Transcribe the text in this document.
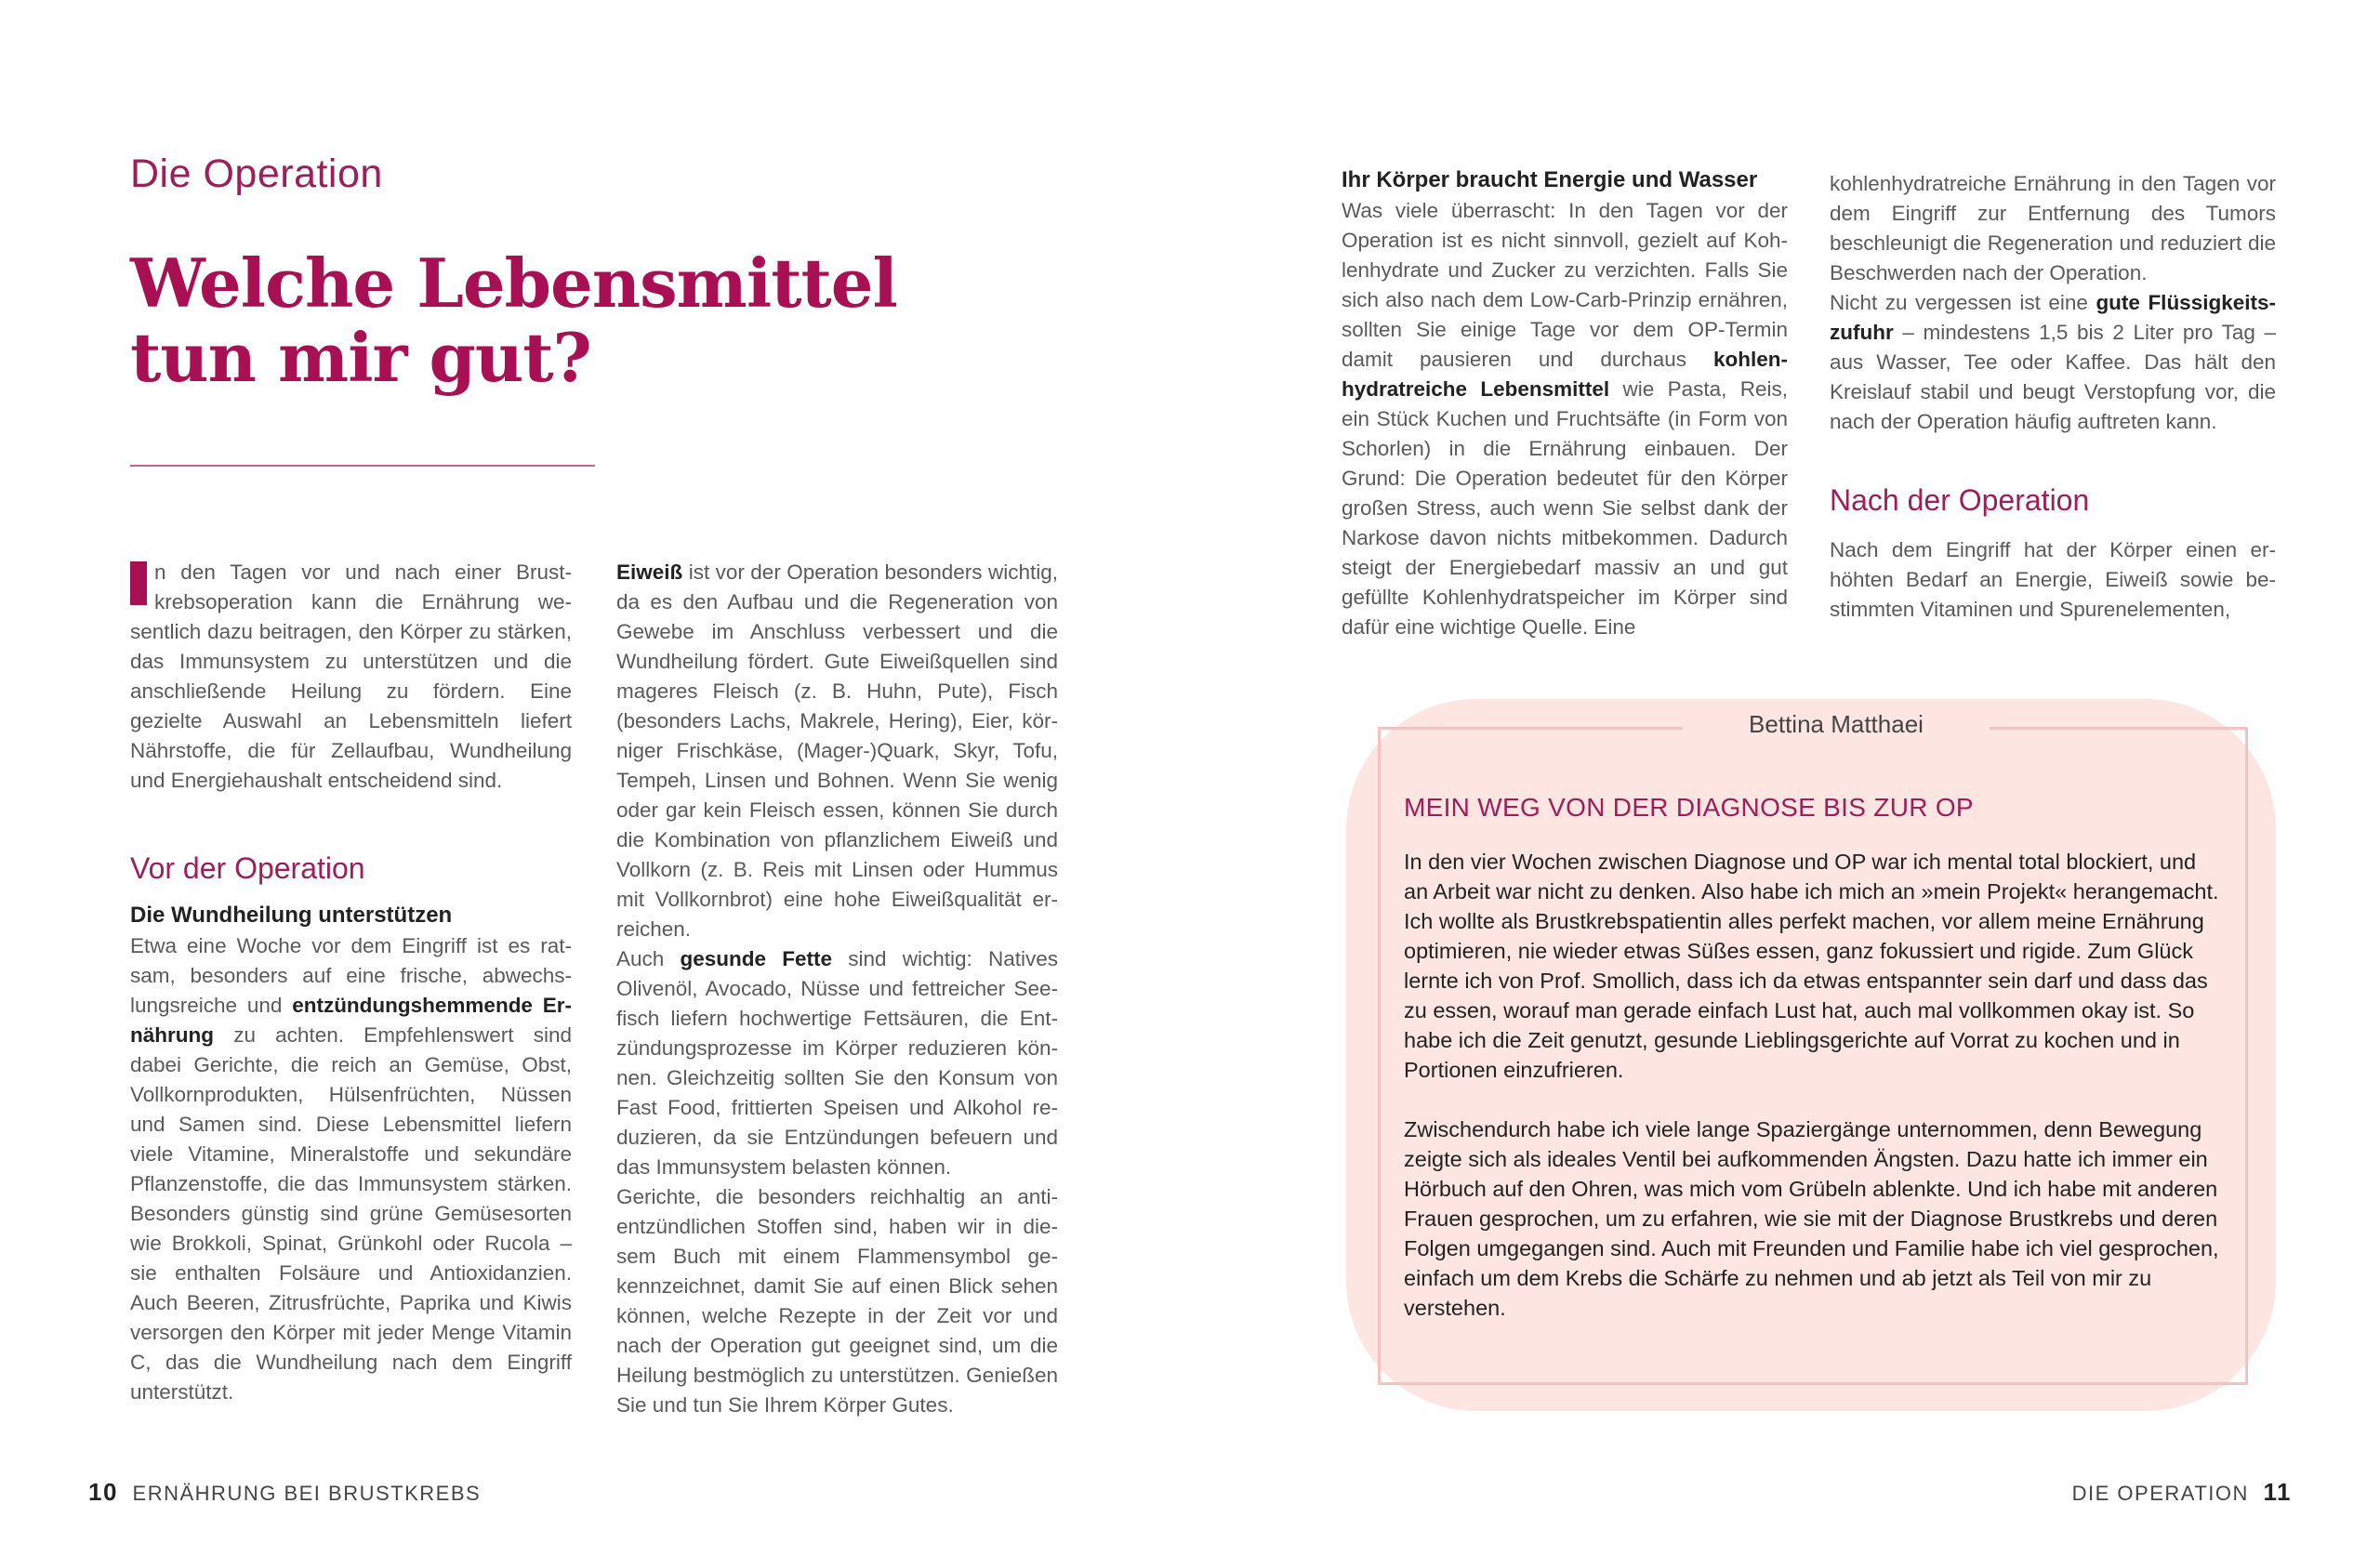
Die Operation
Welche Lebensmittel
tun mir gut?

n den Tagen vor und nach einer Brustkrebsoperation kann die Ernährung wesentlich dazu beitragen, den Körper zu stärken, das Immunsystem zu unterstützen und die anschließende Heilung zu fördern. Eine gezielte Auswahl an Lebensmitteln liefert Nährstoffe, die für Zellaufbau, Wundheilung und Energiehaushalt entscheidend sind.

Vor der Operation
Die Wundheilung unterstützen

Etwa eine Woche vor dem Eingriff ist es ratsam, besonders auf eine frische, abwechslungsreiche und entzündungshemmende Ernährung zu achten. Empfehlenswert sind dabei Gerichte, die reich an Gemüse, Obst, Vollkornprodukten, Hülsenfrüchten, Nüssen und Samen sind. Diese Lebensmittel liefern viele Vitamine, Mineralstoffe und sekundäre Pflanzenstoffe, die das Immunsystem stärken. Besonders günstig sind grüne Gemüsesorten wie Brokkoli, Spinat, Grünkohl oder Rucola – sie enthalten Folsäure und Antioxidanzien. Auch Beeren, Zitrusfrüchte, Paprika und Kiwis versorgen den Körper mit jeder Menge Vitamin C, das die Wundheilung nach dem Eingriff unterstützt.

Eiweiß ist vor der Operation besonders wichtig, da es den Aufbau und die Regeneration von Gewebe im Anschluss verbessert und die Wundheilung fördert. Gute Eiweißquellen sind mageres Fleisch (z. B. Huhn, Pute), Fisch (besonders Lachs, Makrele, Hering), Eier, körniger Frischkäse, (Mager-)Quark, Skyr, Tofu, Tempeh, Linsen und Bohnen. Wenn Sie wenig oder gar kein Fleisch essen, können Sie durch die Kombination von pflanzlichem Eiweiß und Vollkorn (z. B. Reis mit Linsen oder Hummus mit Vollkornbrot) eine hohe Eiweißqualität erreichen.

Auch gesunde Fette sind wichtig: Natives Olivenöl, Avocado, Nüsse und fettreicher Seefisch liefern hochwertige Fettsäuren, die Entzündungsprozesse im Körper reduzieren können. Gleichzeitig sollten Sie den Konsum von Fast Food, frittierten Speisen und Alkohol reduzieren, da sie Entzündungen befeuern und das Immunsystem belasten können.

Gerichte, die besonders reichhaltig an antientzündlichen Stoffen sind, haben wir in diesem Buch mit einem Flammensymbol gekennzeichnet, damit Sie auf einen Blick sehen können, welche Rezepte in der Zeit vor und nach der Operation gut geeignet sind, um die Heilung bestmöglich zu unterstützen. Genießen Sie und tun Sie Ihrem Körper Gutes.

10 ERNÄHRUNG BEI BRUSTKREBS
Ihr Körper braucht Energie und Wasser

Was viele überrascht: In den Tagen vor der Operation ist es nicht sinnvoll, gezielt auf Kohlenhydrate und Zucker zu verzichten. Falls Sie sich also nach dem Low-Carb-Prinzip ernähren, sollten Sie einige Tage vor dem OP-Termin damit pausieren und durchaus kohlenhydratreiche Lebensmittel wie Pasta, Reis, ein Stück Kuchen und Fruchtsäfte (in Form von Schorlen) in die Ernährung einbauen. Der Grund: Die Operation bedeutet für den Körper großen Stress, auch wenn Sie selbst dank der Narkose davon nichts mitbekommen. Dadurch steigt der Energiebedarf massiv an und gut gefüllte Kohlenhydratspeicher im Körper sind dafür eine wichtige Quelle. Eine

kohlenhydratreiche Ernährung in den Tagen vor dem Eingriff zur Entfernung des Tumors beschleunigt die Regeneration und reduziert die Beschwerden nach der Operation.

Nicht zu vergessen ist eine gute Flüssigkeitszufuhr – mindestens 1,5 bis 2 Liter pro Tag – aus Wasser, Tee oder Kaffee. Das hält den Kreislauf stabil und beugt Verstopfung vor, die nach der Operation häufig auftreten kann.

Nach der Operation

Nach dem Eingriff hat der Körper einen erhöhten Bedarf an Energie, Eiweiß sowie bestimmten Vitaminen und Spurenelementen,

Bettina Matthaei
MEIN WEG VON DER DIAGNOSE BIS ZUR OP

In den vier Wochen zwischen Diagnose und OP war ich mental total blockiert, und an Arbeit war nicht zu denken. Also habe ich mich an »mein Projekt« herangemacht. Ich wollte als Brustkrebspatientin alles perfekt machen, vor allem meine Ernährung optimieren, nie wieder etwas Süßes essen, ganz fokussiert und rigide. Zum Glück lernte ich von Prof. Smollich, dass ich da etwas entspannter sein darf und dass das zu essen, worauf man gerade einfach Lust hat, auch mal vollkommen okay ist. So habe ich die Zeit genutzt, gesunde Lieblingsgerichte auf Vorrat zu kochen und in Portionen einzufrieren.

Zwischendurch habe ich viele lange Spaziergänge unternommen, denn Bewegung zeigte sich als ideales Ventil bei aufkommenden Ängsten. Dazu hatte ich immer ein Hörbuch auf den Ohren, was mich vom Grübeln ablenkte. Und ich habe mit anderen Frauen gesprochen, um zu erfahren, wie sie mit der Diagnose Brustkrebs und deren Folgen umgegangen sind. Auch mit Freunden und Familie habe ich viel gesprochen, einfach um dem Krebs die Schärfe zu nehmen und ab jetzt als Teil von mir zu verstehen.

DIE OPERATION 11
